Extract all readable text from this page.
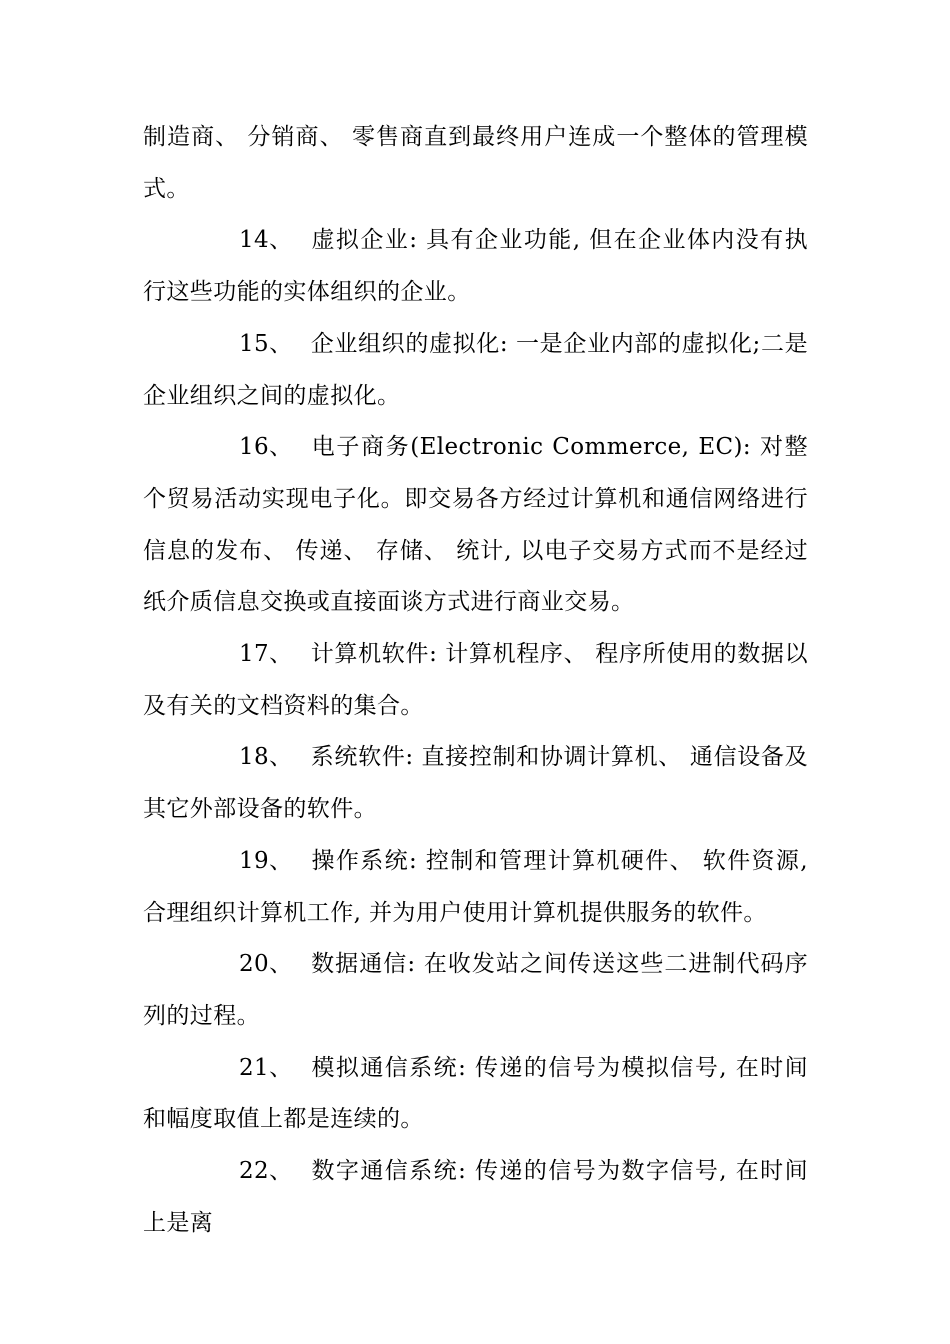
制造商、 分销商、 零售商直到最终用户连成一个整体的管理模式。

14、 虚拟企业: 具有企业功能, 但在企业体内没有执行这些功能的实体组织的企业。

15、 企业组织的虚拟化: 一是企业内部的虚拟化;二是企业组织之间的虚拟化。

16、 电子商务(Electronic Commerce, EC): 对整个贸易活动实现电子化。即交易各方经过计算机和通信网络进行信息的发布、 传递、 存储、 统计, 以电子交易方式而不是经过纸介质信息交换或直接面谈方式进行商业交易。

17、 计算机软件: 计算机程序、 程序所使用的数据以及有关的文档资料的集合。

18、 系统软件: 直接控制和协调计算机、 通信设备及其它外部设备的软件。

19、 操作系统: 控制和管理计算机硬件、 软件资源, 合理组织计算机工作, 并为用户使用计算机提供服务的软件。

20、 数据通信: 在收发站之间传送这些二进制代码序列的过程。

21、 模拟通信系统: 传递的信号为模拟信号, 在时间和幅度取值上都是连续的。

22、 数字通信系统: 传递的信号为数字信号, 在时间上是离
